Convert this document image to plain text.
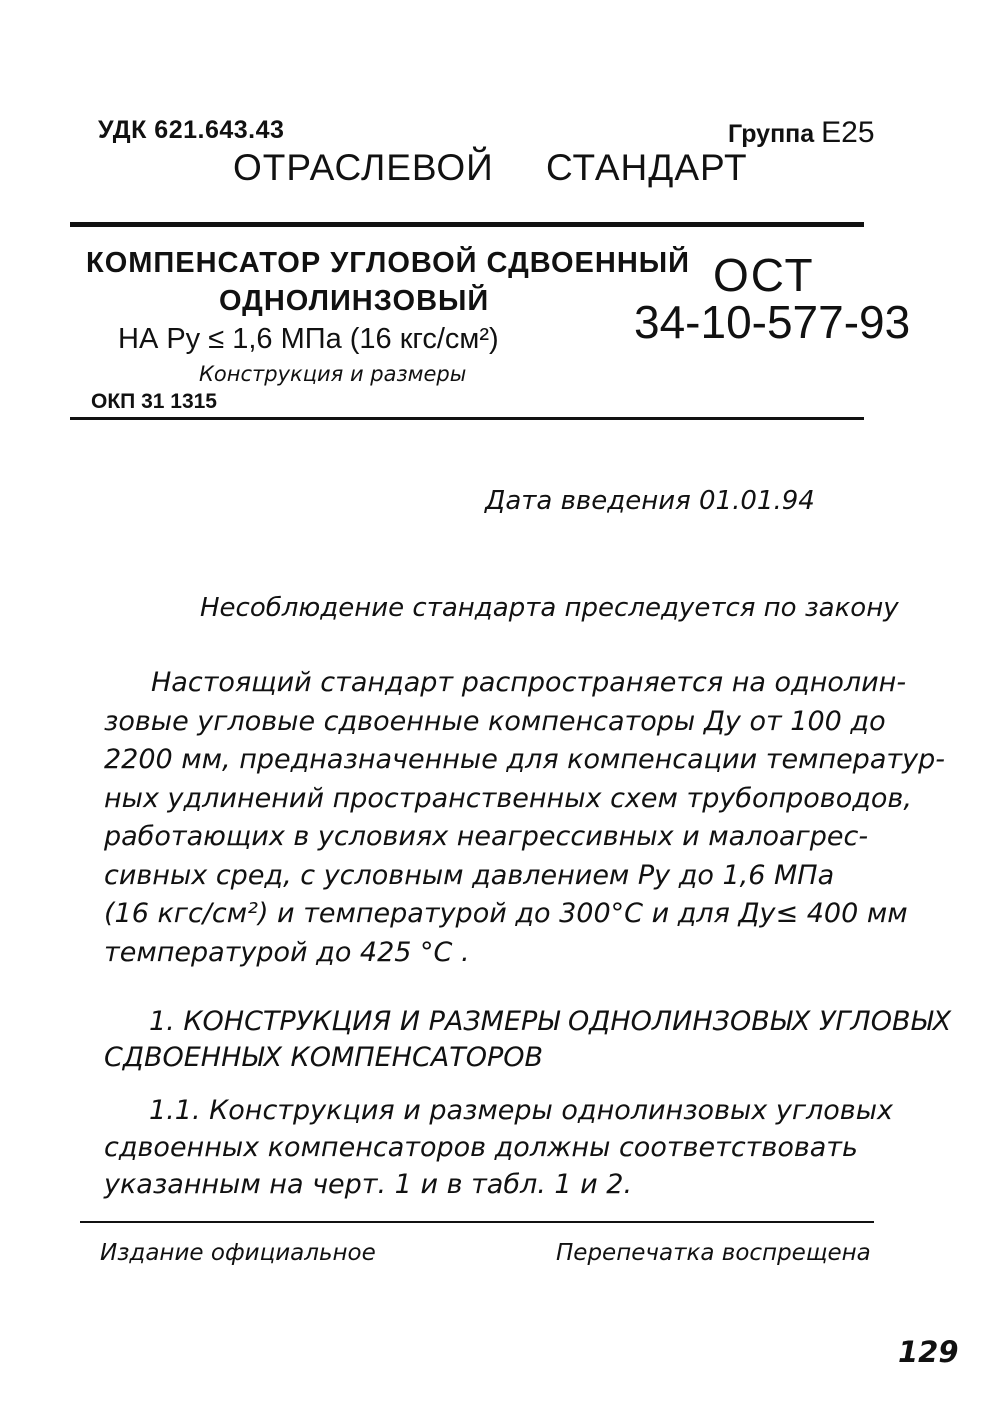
УДК 621.643.43	Группа Е25
ОТРАСЛЕВОЙ СТАНДАРТ
КОМПЕНСАТОР УГЛОВОЙ СДВОЕННЫЙ
ОДНОЛИНЗОВЫЙ
НА Ру ≤ 1,6 МПа (16 кгс/см²)
Конструкция и размеры
ОКП 31 1315
ОСТ
34-10-577-93
Дата введения 01.01.94
Несоблюдение стандарта преследуется по закону
Настоящий стандарт распространяется на однолин-
зовые угловые сдвоенные компенсаторы Ду от 100 до
2200 мм, предназначенные для компенсации температур-
ных удлинений пространственных схем трубопроводов,
работающих в условиях неагрессивных и малоагрес-
сивных сред, с условным давлением Ру до 1,6 МПа
(16 кгс/см²) и температурой до 300°С и для Ду≤ 400 мм
температурой до 425 °С .
1. КОНСТРУКЦИЯ И РАЗМЕРЫ ОДНОЛИНЗОВЫХ УГЛОВЫХ
СДВОЕННЫХ КОМПЕНСАТОРОВ
1.1. Конструкция и размеры однолинзовых угловых
сдвоенных компенсаторов должны соответствовать
указанным на черт. 1 и в табл. 1 и 2.
Издание официальное	Перепечатка воспрещена
129
